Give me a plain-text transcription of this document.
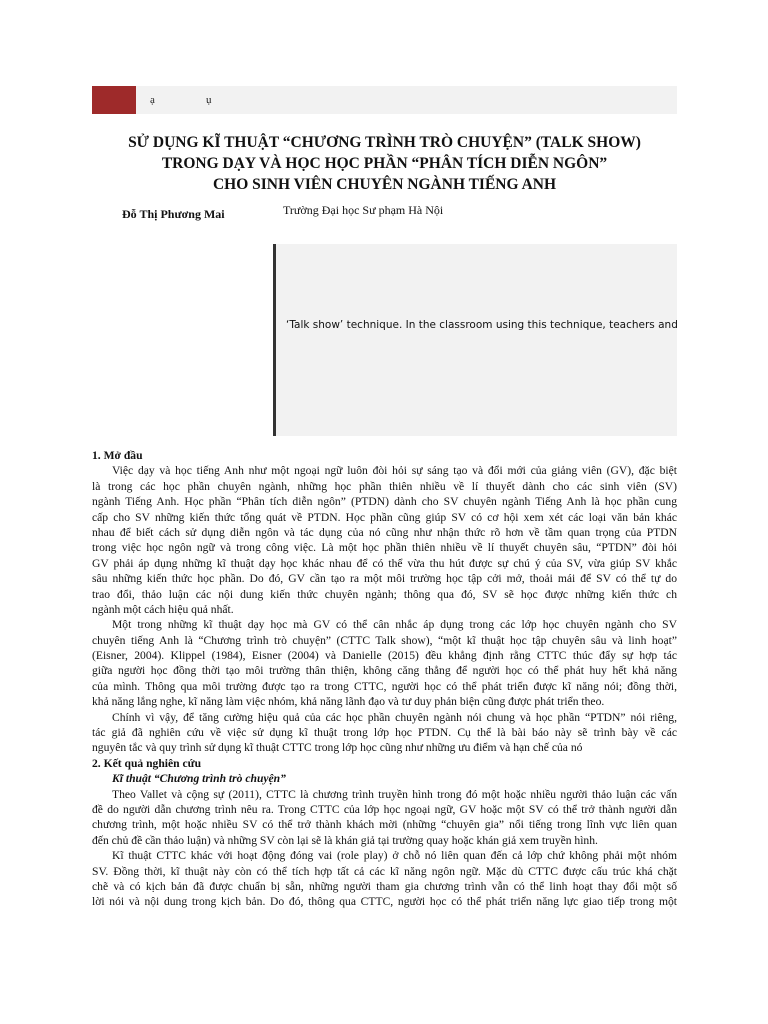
ạ	ụ
SỬ DỤNG KĨ THUẬT “CHƯƠNG TRÌNH TRÒ CHUYỆN” (TALK SHOW)
TRONG DẠY VÀ HỌC HỌC PHẦN “PHÂN TÍCH DIỄN NGÔN”
CHO SINH VIÊN CHUYÊN NGÀNH TIẾNG ANH
Đỗ Thị Phương Mai	Trường Đại học Sư phạm Hà Nội
‘Talk show’ technique. In the classroom using this technique, teachers and
1. Mở đầu
Việc dạy và học tiếng Anh như một ngoại ngữ luôn đòi hỏi sự sáng tạo và đổi mới của giảng viên (GV), đặc biệt
là trong các học phần chuyên ngành, những học phần thiên nhiều về lí thuyết dành cho các sinh viên (SV)
ngành Tiếng Anh. Học phần “Phân tích diễn ngôn” (PTDN) dành cho SV chuyên ngành Tiếng Anh là học phần cung
cấp cho SV những kiến thức tổng quát về PTDN. Học phần cũng giúp SV có cơ hội xem xét các loại văn bản khác
nhau để biết cách sử dụng diễn ngôn và tác dụng của nó cũng như nhận thức rõ hơn về tầm quan trọng của PTDN
trong việc học ngôn ngữ và trong công việc. Là một học phần thiên nhiều về lí thuyết chuyên sâu, “PTDN” đòi hỏi
GV phải áp dụng những kĩ thuật dạy học khác nhau để có thể vừa thu hút được sự chú ý của SV, vừa giúp SV khắc
sâu những kiến thức học phần. Do đó, GV cần tạo ra một môi trường học tập cởi mở, thoải mái để SV có thể tự do
trao đổi, thảo luận các nội dung kiến thức chuyên ngành; thông qua đó, SV sẽ học được những kiến thức ch
ngành một cách hiệu quả nhất.
Một trong những kĩ thuật dạy học mà GV có thể cân nhắc áp dụng trong các lớp học chuyên ngành cho SV
chuyên tiếng Anh là “Chương trình trò chuyện” (CTTC Talk show), “một kĩ thuật học tập chuyên sâu và linh hoạt”
(Eisner, 2004). Klippel (1984), Eisner (2004) và Danielle (2015) đều khẳng định rằng CTTC thúc đẩy sự hợp tác
giữa người học đồng thời tạo môi trường thân thiện, không căng thẳng để người học có thể phát huy hết khả năng
của mình. Thông qua môi trường được tạo ra trong CTTC, người học có thể phát triển được kĩ năng nói; đồng thời,
khả năng lắng nghe, kĩ năng làm việc nhóm, khả năng lãnh đạo và tư duy phản biện cũng được phát triển theo.
Chính vì vậy, để tăng cường hiệu quả của các học phần chuyên ngành nói chung và học phần “PTDN” nói riêng,
tác giả đã nghiên cứu về việc sử dụng kĩ thuật trong lớp học PTDN. Cụ thể là bài báo này sẽ trình bày về các
nguyên tắc và quy trình sử dụng kĩ thuật CTTC trong lớp học cũng như những ưu điểm và hạn chế của nó
2. Kết quả nghiên cứu
Kĩ thuật “Chương trình trò chuyện”
Theo Vallet và cộng sự (2011), CTTC là chương trình truyền hình trong đó một hoặc nhiều người thảo luận các vấn
đề do người dẫn chương trình nêu ra. Trong CTTC của lớp học ngoại ngữ, GV hoặc một SV có thể trở thành người dẫn
chương trình, một hoặc nhiều SV có thể trở thành khách mời (những “chuyên gia” nổi tiếng trong lĩnh vực liên quan
đến chủ đề cần thảo luận) và những SV còn lại sẽ là khán giả tại trường quay hoặc khán giả xem truyền hình.
Kĩ thuật CTTC khác với hoạt động đóng vai (role play) ở chỗ nó liên quan đến cả lớp chứ không phải một nhóm
SV. Đồng thời, kĩ thuật này còn có thể tích hợp tất cả các kĩ năng ngôn ngữ. Mặc dù CTTC được cấu trúc khá chặt
chẽ và có kịch bản đã được chuẩn bị sẵn, những người tham gia chương trình vẫn có thể linh hoạt thay đổi một số
lời nói và nội dung trong kịch bản. Do đó, thông qua CTTC, người học có thể phát triển năng lực giao tiếp trong một
